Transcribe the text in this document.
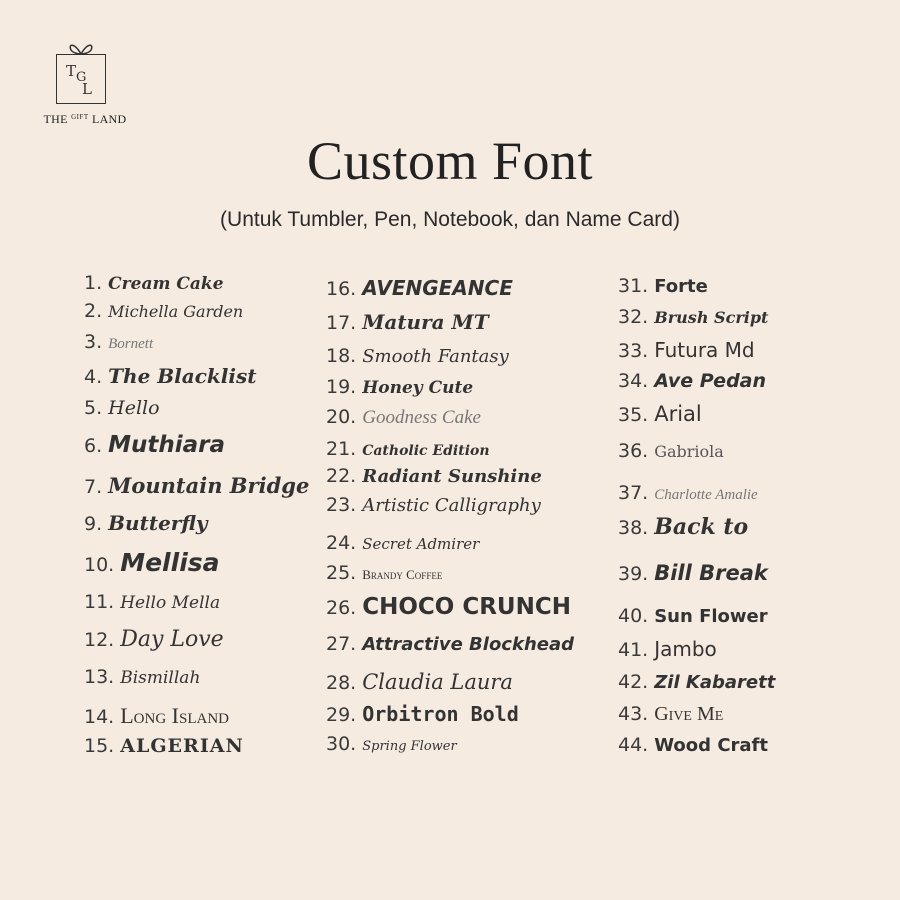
T G
L
THE $^{GIFT}$ LAND
Custom Font
(Untuk Tumbler, Pen, Notebook, dan Name Card)
1. Cream Cake
2. Michella Garden
3. Bornett
4. The Blacklist
5. Hello
6. Muthiara
7. Mountain Bridge
9. Butterfly
10. Mellisa
11. Hello Mella
12. Day Love
13. Bismillah
14. Long Island
15. ALGERIAN
16. AVENGEANCE
17. Matura MT
18. Smooth Fantasy
19. Honey Cute
20. Goodness Cake
21. Catholic Edition
22. Radiant Sunshine
23. Artistic Calligraphy
24. Secret Admirer
25. Brandy Coffee
26. CHOCO CRUNCH
27. Attractive Blockhead
28. Claudia Laura
29. Orbitron Bold
30. Spring Flower
31. Forte
32. Brush Script
33. Futura Md
34. Ave Pedan
35. Arial
36. Gabriola
37. Charlotte Amalie
38. Back to
39. Bill Break
40. Sun Flower
41. Jambo
42. Zil Kabarett
43. Give Me
44. Wood Craft
